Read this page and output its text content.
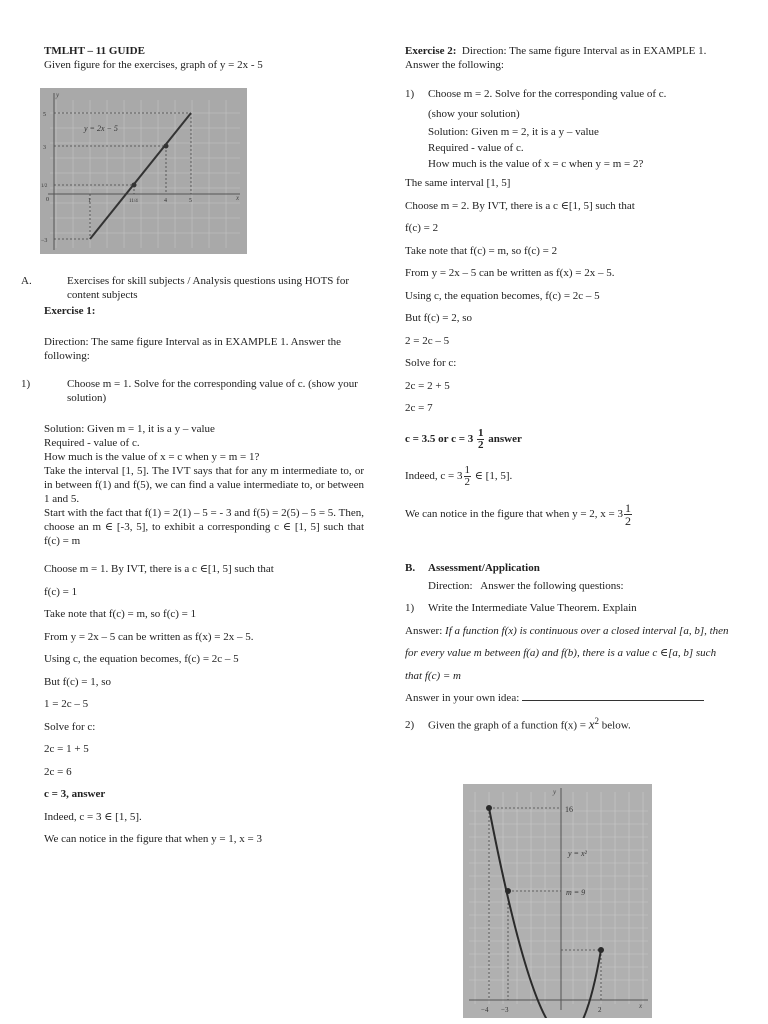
TMLHT – 11 GUIDE

Given figure for the exercises, graph of y = 2x - 5

y
x
y = 2x − 5
5
3
1/2
0
−3
1	11/4	4	5

A.	Exercises for skill subjects / Analysis questions using HOTS for content subjects

Exercise 1:

Direction: The same figure Interval as in EXAMPLE 1. Answer the following:

1)	Choose m = 1. Solve for the corresponding value of c. (show your solution)

Solution: Given m = 1, it is a y – value

Required - value of c.

How much is the value of x = c when y = m = 1?

Take the interval [1, 5]. The IVT says that for any m intermediate to, or in between f(1) and f(5), we can find a value intermediate to, or between 1 and 5.

Start with the fact that f(1) = 2(1) – 5 = - 3 and f(5) = 2(5) – 5 = 5. Then, choose an m ∈ [-3, 5], to exhibit a corresponding c ∈ [1, 5] such that f(c) = m

Choose m = 1. By IVT, there is a c ∈[1, 5] such that

f(c) = 1

Take note that f(c) = m, so f(c) = 1

From y = 2x – 5 can be written as f(x) = 2x – 5.

Using c, the equation becomes, f(c) = 2c – 5

But f(c) = 1, so

1 = 2c – 5

Solve for c:

2c = 1 + 5

2c = 6

c = 3, answer

Indeed, c = 3 ∈ [1, 5].

We can notice in the figure that when y = 1, x = 3

Exercise 2: Direction: The same figure Interval as in EXAMPLE 1. Answer the following:

1) Choose m = 2. Solve for the corresponding value of c.

(show your solution)

Solution: Given m = 2, it is a y – value

Required - value of c.

How much is the value of x = c when y = m = 2?

The same interval [1, 5]

Choose m = 2. By IVT, there is a c ∈[1, 5] such that

f(c) = 2

Take note that f(c) = m, so f(c) = 2

From y = 2x – 5 can be written as f(x) = 2x – 5.

Using c, the equation becomes, f(c) = 2c – 5

But f(c) = 2, so

2 = 2c – 5

Solve for c:

2c = 2 + 5

2c = 7

c = 3.5 or $c = 3 \frac{1}{2}$ answer

Indeed, $c = 3 \frac{1}{2}$ ∈ [1, 5].

We can notice in the figure that when y = 2, $x = 3 \frac{1}{2}$

B. Assessment/Application

Direction: Answer the following questions:

1) Write the Intermediate Value Theorem. Explain

Answer: If a function f(x) is continuous over a closed interval [a, b], then for every value m between f(a) and f(b), there is a value c ∈[a, b] such that f(c) = m

Answer in your own idea:

2) Given the graph of a function $f(x) = x^2$ below.

y
x
16
y = x²
m = 9
−4 −3	2
